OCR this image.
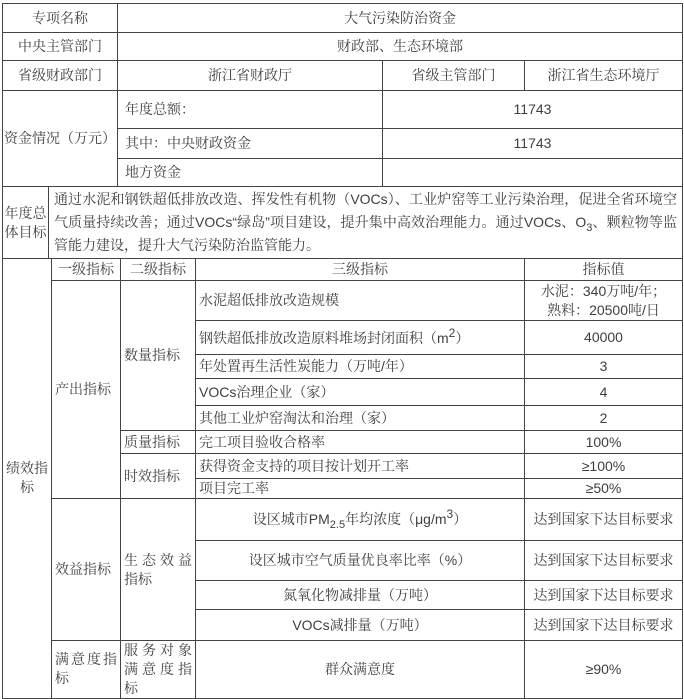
专项名称		大气污染防治资金		
中央主管部门		财政部、生态环境部		
省级财政部门		浙江省财政厅	省级主管部门	浙江省生态环境厅
资金情况（万元）		年度总额：	11743	
		其中：中央财政资金	11743	
		地方资金		
年度总体目标	通过水泥和钢铁超低排放改造、挥发性有机物（VOCs）、工业炉窑等工业污染治理，促进全省环境空气质量持续改善；通过VOCs“绿岛”项目建设，提升集中高效治理能力。通过VOCs、$O_3$、颗粒物等监管能力建设，提升大气污染防治监管能力。			
绩效指标	一级指标	二级指标	三级指标	指标值
	产出指标	数量指标	水泥超低排放改造规模	水泥：340万吨/年；
熟料：20500吨/日

			钢铁超低排放改造原料堆场封闭面积$(m^2)$	40000
			年处置再生活性炭能力（万吨/年）	3
			VOCs治理企业（家）	4
			其他工业炉窑淘汰和治理（家）	2
		质量指标	完工项目验收合格率	100%
		时效指标	获得资金支持的项目按计划开工率	≥100%
			项目完工率	≥50%
	效益指标	生态效益指标	设区城市$PM_{2.5}$年均浓度$(\mu g/m^3)$	达到国家下达目标要求
			设区城市空气质量优良率比率（%）	达到国家下达目标要求
			氮氧化物减排量（万吨）	达到国家下达目标要求
			VOCs减排量（万吨）	达到国家下达目标要求
	满意度指标	服务对象满意度指标	群众满意度	≥90%
